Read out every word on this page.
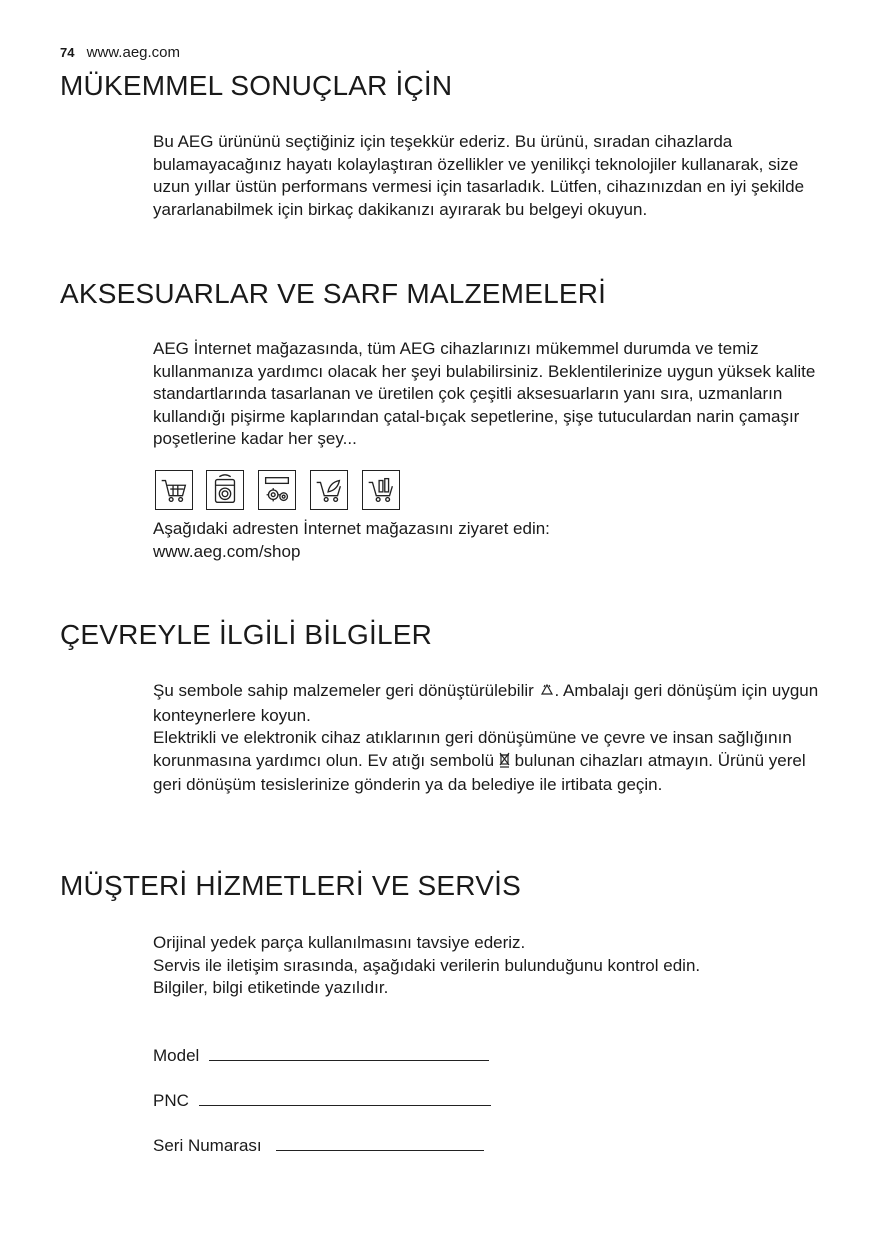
74 www.aeg.com
MÜKEMMEL SONUÇLAR İÇİN

Bu AEG ürününü seçtiğiniz için teşekkür ederiz. Bu ürünü, sıradan cihazlarda bulamayacağınız hayatı kolaylaştıran özellikler ve yenilikçi teknolojiler kullanarak, size uzun yıllar üstün performans vermesi için tasarladık. Lütfen, cihazınızdan en iyi şekilde yararlanabilmek için birkaç dakikanızı ayırarak bu belgeyi okuyun.

AKSESUARLAR VE SARF MALZEMELERİ

AEG İnternet mağazasında, tüm AEG cihazlarınızı mükemmel durumda ve temiz kullanmanıza yardımcı olacak her şeyi bulabilirsiniz. Beklentilerinize uygun yüksek kalite standartlarında tasarlanan ve üretilen çok çeşitli aksesuarların yanı sıra, uzmanların kullandığı pişirme kaplarından çatal-bıçak sepetlerine, şişe tutuculardan narin çamaşır poşetlerine kadar her şey...

Aşağıdaki adresten İnternet mağazasını ziyaret edin:

www.aeg.com/shop

ÇEVREYLE İLGİLİ BİLGİLER

Şu sembole sahip malzemeler geri dönüştürülebilir . Ambalajı geri dönüşüm için uygun konteynerlere koyun.

Elektrikli ve elektronik cihaz atıklarının geri dönüşümüne ve çevre ve insan sağlığının korunmasına yardımcı olun. Ev atığı sembolü  bulunan cihazları atmayın. Ürünü yerel geri dönüşüm tesislerinize gönderin ya da belediye ile irtibata geçin.

MÜŞTERİ HİZMETLERİ VE SERVİS

Orijinal yedek parça kullanılmasını tavsiye ederiz.

Servis ile iletişim sırasında, aşağıdaki verilerin bulunduğunu kontrol edin.

Bilgiler, bilgi etiketinde yazılıdır.

Model
PNC
Seri Numarası
